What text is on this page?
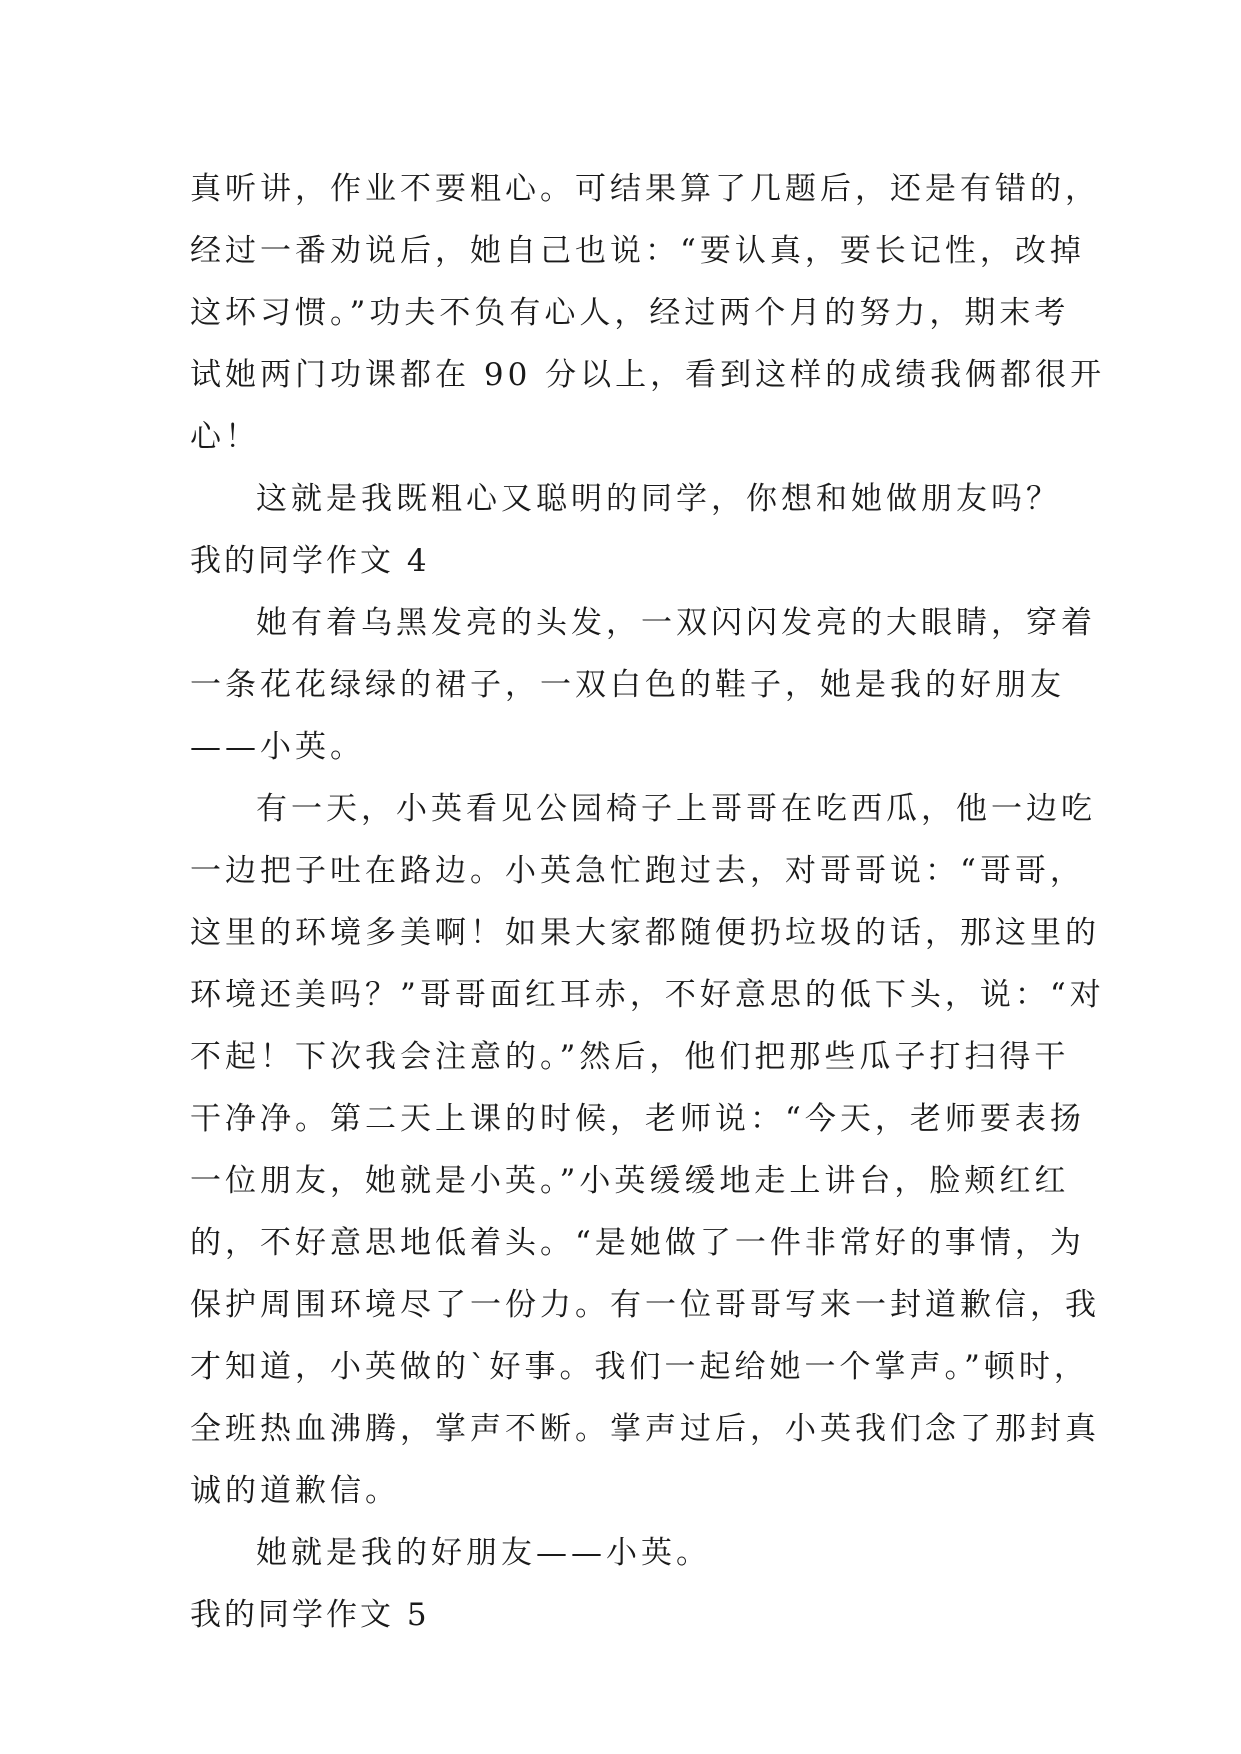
真听讲，作业不要粗心。可结果算了几题后，还是有错的，
经过一番劝说后，她自己也说：“要认真，要长记性，改掉
这坏习惯。”功夫不负有心人，经过两个月的努力，期末考
试她两门功课都在 90 分以上，看到这样的成绩我俩都很开
心！
这就是我既粗心又聪明的同学，你想和她做朋友吗？
我的同学作文 4
她有着乌黑发亮的头发，一双闪闪发亮的大眼睛，穿着
一条花花绿绿的裙子，一双白色的鞋子，她是我的好朋友
——小英。
有一天，小英看见公园椅子上哥哥在吃西瓜，他一边吃
一边把子吐在路边。小英急忙跑过去，对哥哥说：“哥哥，
这里的环境多美啊！如果大家都随便扔垃圾的话，那这里的
环境还美吗？”哥哥面红耳赤，不好意思的低下头，说：“对
不起！下次我会注意的。”然后，他们把那些瓜子打扫得干
干净净。第二天上课的时候，老师说：“今天，老师要表扬
一位朋友，她就是小英。”小英缓缓地走上讲台，脸颊红红
的，不好意思地低着头。“是她做了一件非常好的事情，为
保护周围环境尽了一份力。有一位哥哥写来一封道歉信，我
才知道，小英做的`好事。我们一起给她一个掌声。”顿时，
全班热血沸腾，掌声不断。掌声过后，小英我们念了那封真
诚的道歉信。
她就是我的好朋友——小英。
我的同学作文 5
